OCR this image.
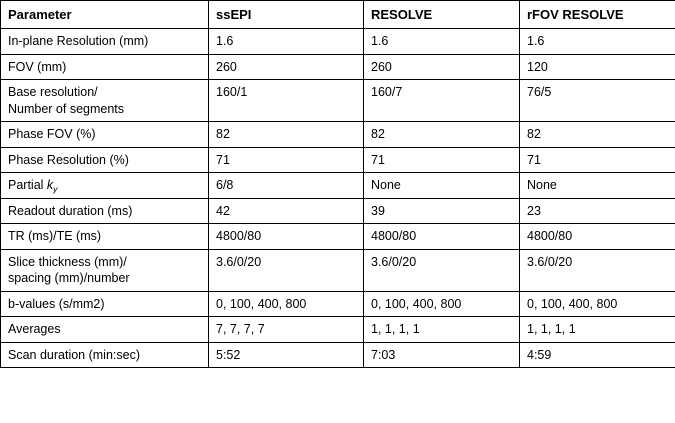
Parameter	ssEPI	RESOLVE	rFOV RESOLVE

In-plane Resolution (mm)	1.6	1.6	1.6

FOV (mm)	260	260	120

Base resolution/
Number of segments	160/1	160/7	76/5

Phase FOV (%)	82	82	82

Phase Resolution (%)	71	71	71
Partial $k_y$	6/8	None	None

Readout duration (ms)	42	39	23

TR (ms)/TE (ms)	4800/80	4800/80	4800/80

Slice thickness (mm)/
spacing (mm)/number	3.6/0/20	3.6/0/20	3.6/0/20

b-values (s/mm2)	0, 100, 400, 800	0, 100, 400, 800	0, 100, 400, 800

Averages	7, 7, 7, 7	1, 1, 1, 1	1, 1, 1, 1

Scan duration (min:sec)	5:52	7:03	4:59
